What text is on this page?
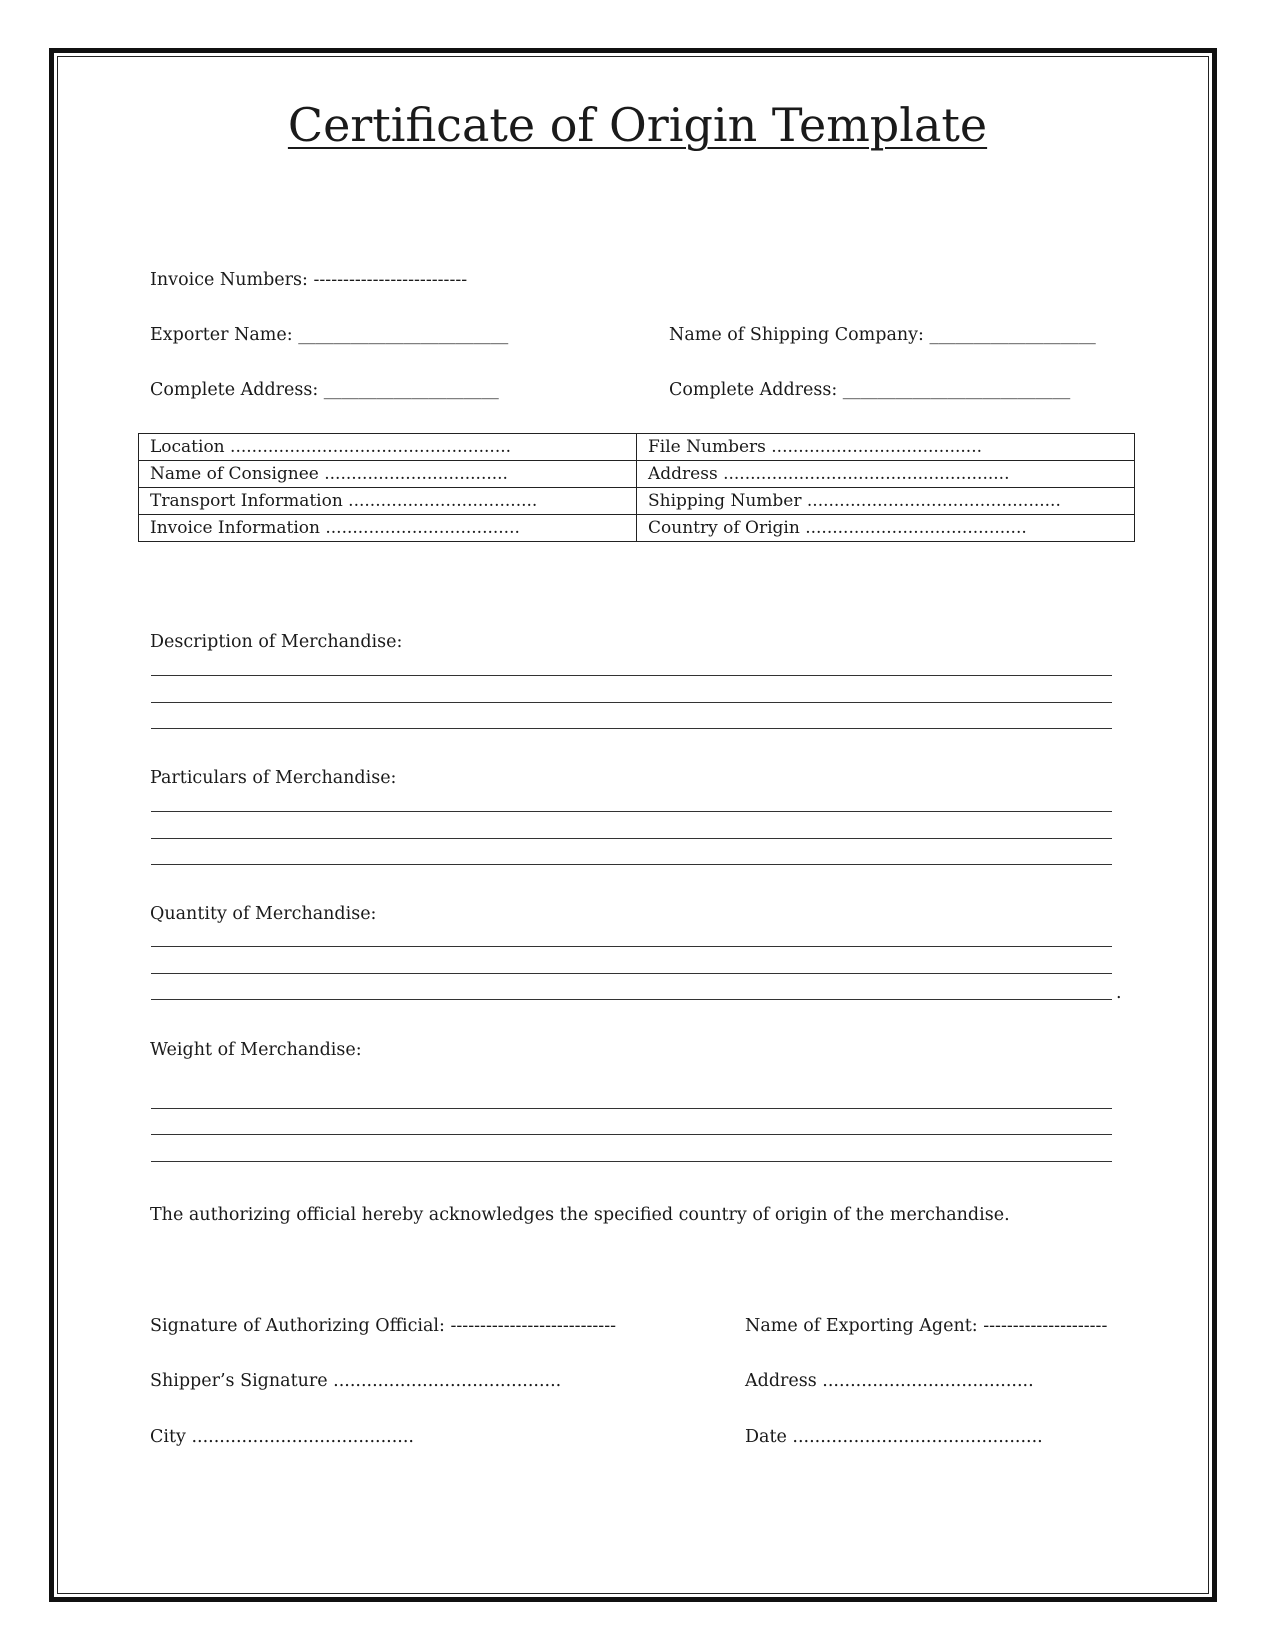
Certificate of Origin Template
Invoice Numbers: --------------------------
Exporter Name: ________________________	Name of Shipping Company: ___________________
Complete Address: ____________________	Complete Address: __________________________
Location ....................................................	File Numbers .......................................
Name of Consignee ..................................	Address .....................................................
Transport Information ...................................	Shipping Number ...............................................
Invoice Information ....................................	Country of Origin .........................................
Description of Merchandise:
Particulars of Merchandise:
Quantity of Merchandise:
.
Weight of Merchandise:
The authorizing official hereby acknowledges the specified country of origin of the merchandise.
Signature of Authorizing Official: ----------------------------	Name of Exporting Agent: ---------------------
Shipper’s Signature .........................................	Address ......................................
City ........................................	Date .............................................
